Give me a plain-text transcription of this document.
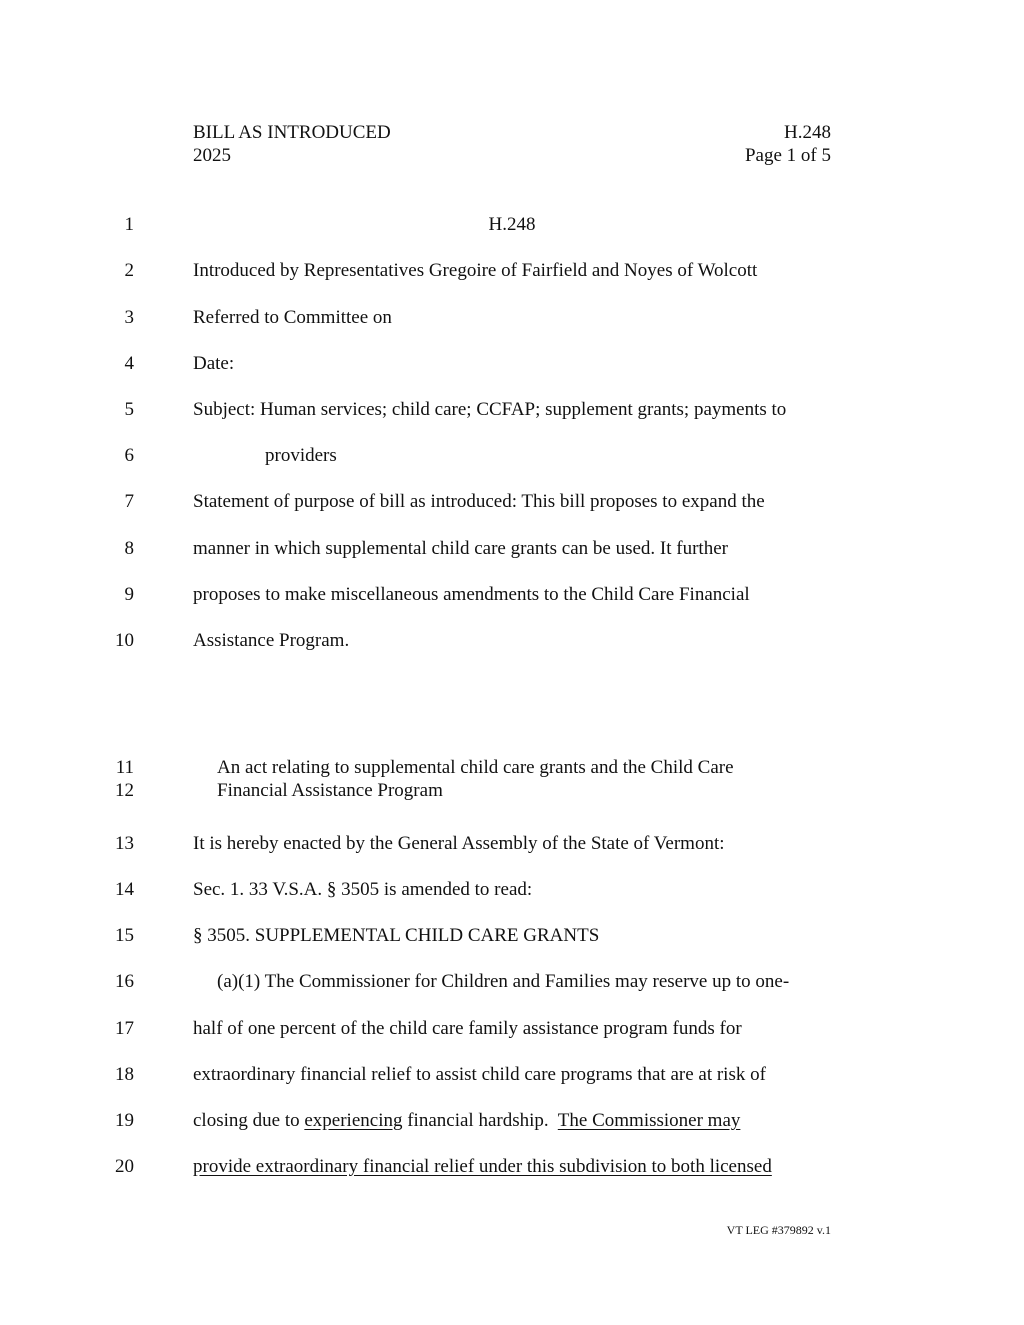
BILL AS INTRODUCED
2025
H.248
Page 1 of 5
1
2
3
4
5
6
7
8
9
10
11
12
13
14
15
16
17
18
19
20
H.248
Introduced by Representatives Gregoire of Fairfield and Noyes of Wolcott
Referred to Committee on
Date:
Subject: Human services; child care; CCFAP; supplement grants; payments to
providers
Statement of purpose of bill as introduced: This bill proposes to expand the
manner in which supplemental child care grants can be used. It further
proposes to make miscellaneous amendments to the Child Care Financial
Assistance Program.
An act relating to supplemental child care grants and the Child Care
Financial Assistance Program
It is hereby enacted by the General Assembly of the State of Vermont:
Sec. 1. 33 V.S.A. § 3505 is amended to read:
§ 3505. SUPPLEMENTAL CHILD CARE GRANTS
(a)(1) The Commissioner for Children and Families may reserve up to one-
half of one percent of the child care family assistance program funds for
extraordinary financial relief to assist child care programs that are at risk of
closing due to experiencing financial hardship.  The Commissioner may
provide extraordinary financial relief under this subdivision to both licensed
VT LEG #379892 v.1
